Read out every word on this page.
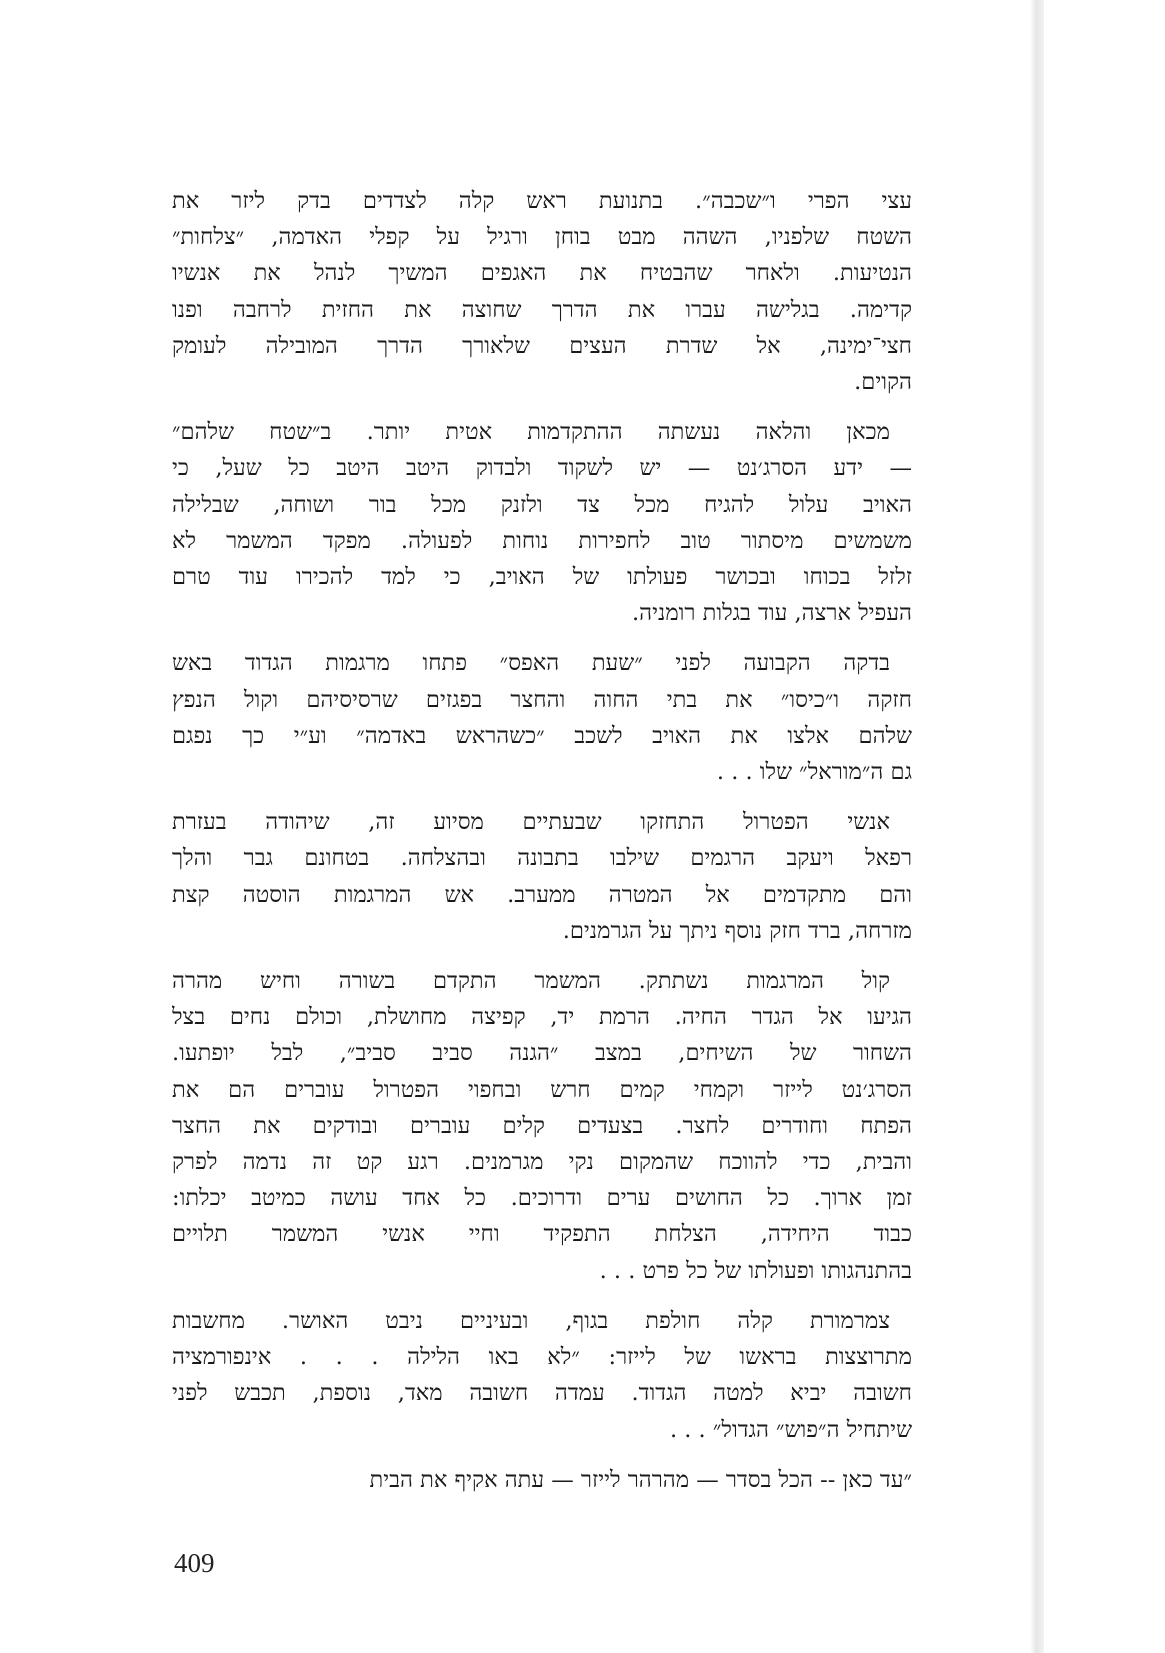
עצי הפרי ו״שכבה״. בתנועת ראש קלה לצדדים בדק ליזר את
השטח שלפניו, השהה מבט בוחן ורגיל על קפלי האדמה, ״צלחות״
הנטיעות. ולאחר שהבטיח את האגפים המשיך לנהל את אנשיו
קדימה. בגלישה עברו את הדרך שחוצה את החזית לרחבה ופנו
חצי־ימינה, אל שדרת העצים שלאורך הדרך המובילה לעומק
הקוים.
מכאן והלאה נעשתה ההתקדמות אטית יותר. ב״שטח שלהם״
— ידע הסרג׳נט — יש לשקוד ולבדוק היטב היטב כל שעל, כי
האויב עלול להגיח מכל צד ולזנק מכל בור ושוחה, שבלילה
משמשים מיסתור טוב לחפירות נוחות לפעולה. מפקד המשמר לא
זלזל בכוחו ובכושר פעולתו של האויב, כי למד להכירו עוד טרם
העפיל ארצה, עוד בגלות רומניה.
בדקה הקבועה לפני ״שעת האפס״ פתחו מרגמות הגדוד באש
חזקה ו״כיסו״ את בתי החוה והחצר בפגזים שרסיסיהם וקול הנפץ
שלהם אלצו את האויב לשכב ״כשהראש באדמה״ וע״י כך נפגם
גם ה״מוראל״ שלו . . .
אנשי הפטרול התחזקו שבעתיים מסיוע זה, שיהודה בעזרת
רפאל ויעקב הרגמים שילבו בתבונה ובהצלחה. בטחונם גבר והלך
והם מתקדמים אל המטרה ממערב. אש המרגמות הוסטה קצת
מזרחה, ברד חזק נוסף ניתך על הגרמנים.
קול המרגמות נשתתק. המשמר התקדם בשורה וחיש מהרה
הגיעו אל הגדר החיה. הרמת יד, קפיצה מחושלת, וכולם נחים בצל
השחור של השיחים, במצב ״הגנה סביב סביב״, לבל יופתעו.
הסרג׳נט לייזר וקמחי קמים חרש ובחפוי הפטרול עוברים הם את
הפתח וחודרים לחצר. בצעדים קלים עוברים ובודקים את החצר
והבית, כדי להווכח שהמקום נקי מגרמנים. רגע קט זה נדמה לפרק
זמן ארוך. כל החושים ערים ודרוכים. כל אחד עושה כמיטב יכלתו:
כבוד היחידה, הצלחת התפקיד וחיי אנשי המשמר תלויים
בהתנהגותו ופעולתו של כל פרט . . .
צמרמורת קלה חולפת בגוף, ובעיניים ניבט האושר. מחשבות
מתרוצצות בראשו של לייזר: ״לא באו הלילה . . . אינפורמציה
חשובה יביא למטה הגדוד. עמדה חשובה מאד, נוספת, תכבש לפני
שיתחיל ה״פוש״ הגדול״ . . .
״עד כאן -- הכל בסדר — מהרהר לייזר — עתה אקיף את הבית
409
